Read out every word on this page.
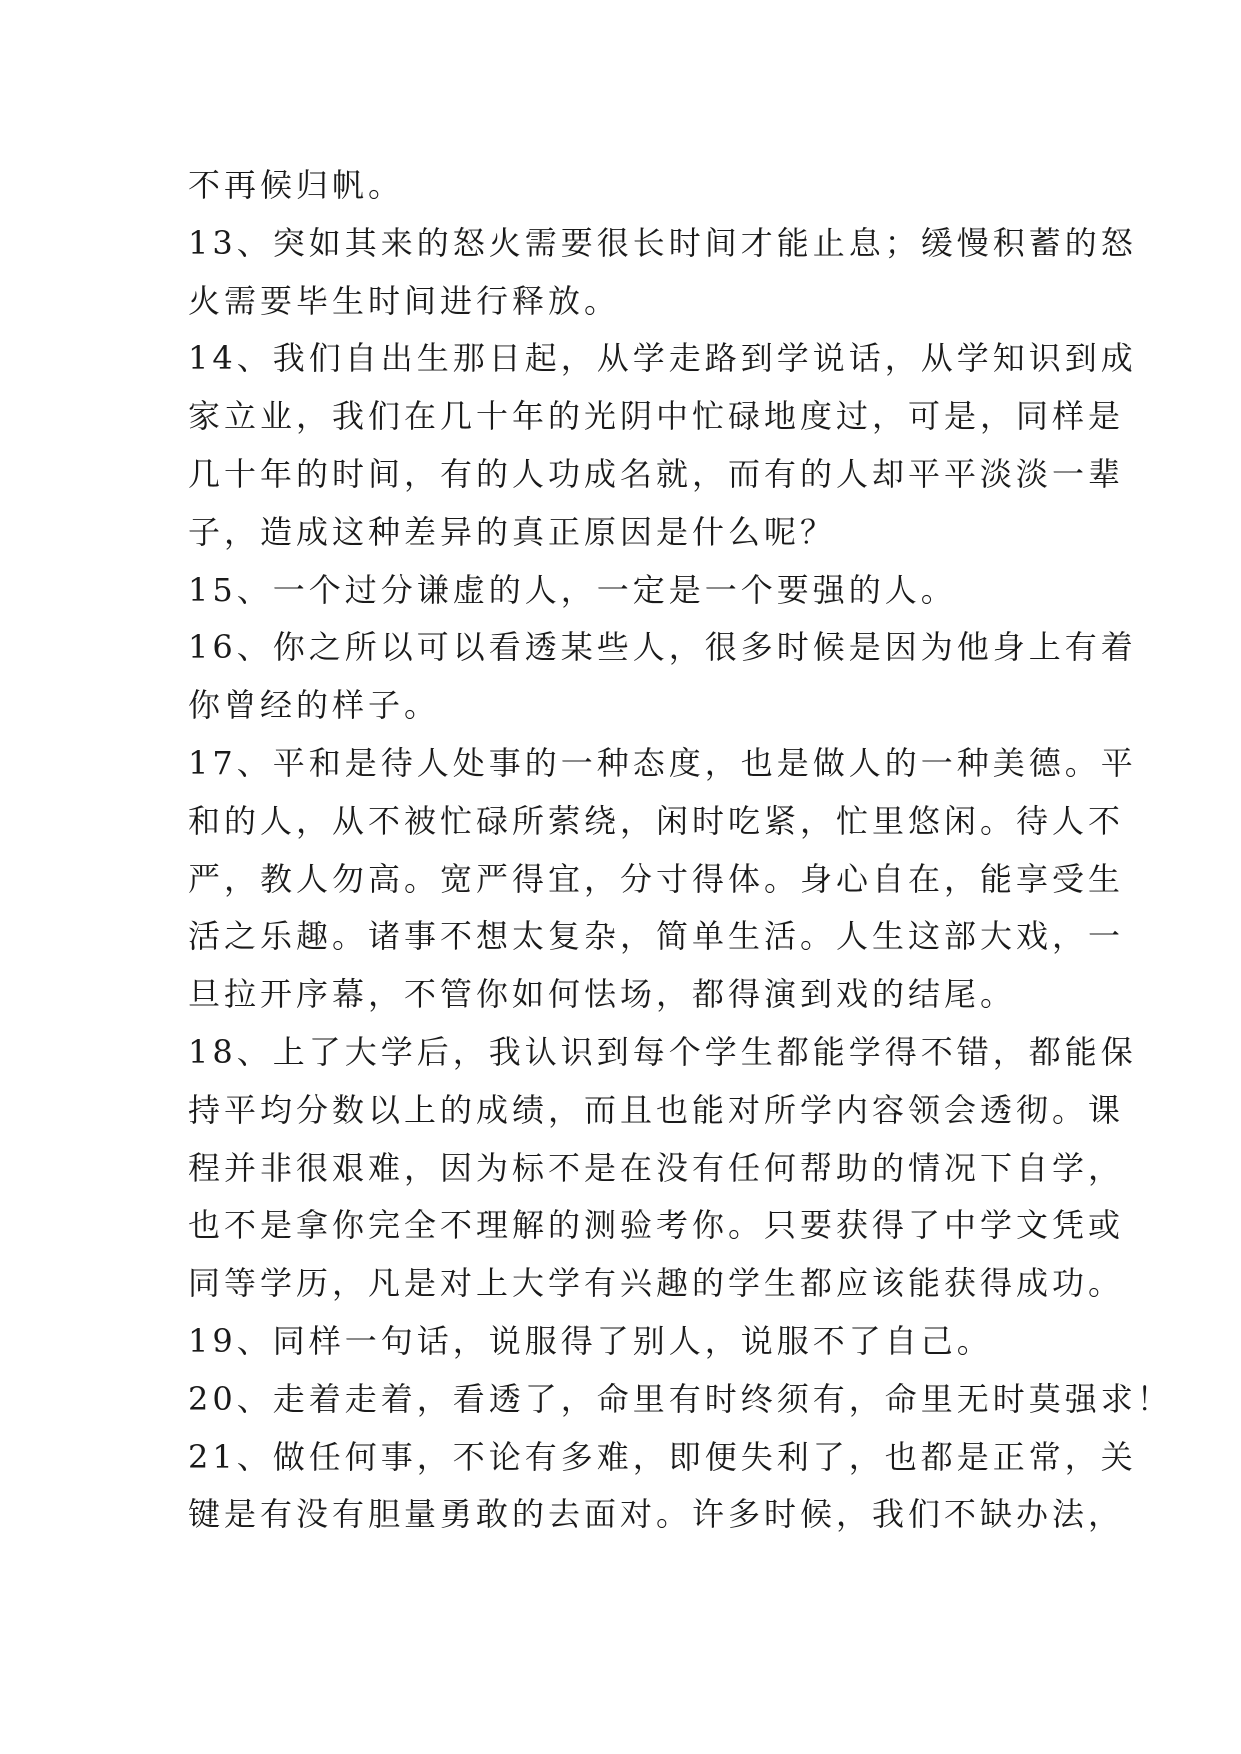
不再候归帆。
13、突如其来的怒火需要很长时间才能止息；缓慢积蓄的怒
火需要毕生时间进行释放。
14、我们自出生那日起，从学走路到学说话，从学知识到成
家立业，我们在几十年的光阴中忙碌地度过，可是，同样是
几十年的时间，有的人功成名就，而有的人却平平淡淡一辈
子，造成这种差异的真正原因是什么呢？
15、一个过分谦虚的人，一定是一个要强的人。
16、你之所以可以看透某些人，很多时候是因为他身上有着
你曾经的样子。
17、平和是待人处事的一种态度，也是做人的一种美德。平
和的人，从不被忙碌所萦绕，闲时吃紧，忙里悠闲。待人不
严，教人勿高。宽严得宜，分寸得体。身心自在，能享受生
活之乐趣。诸事不想太复杂，简单生活。人生这部大戏，一
旦拉开序幕，不管你如何怯场，都得演到戏的结尾。
18、上了大学后，我认识到每个学生都能学得不错，都能保
持平均分数以上的成绩，而且也能对所学内容领会透彻。课
程并非很艰难，因为标不是在没有任何帮助的情况下自学，
也不是拿你完全不理解的测验考你。只要获得了中学文凭或
同等学历，凡是对上大学有兴趣的学生都应该能获得成功。
19、同样一句话，说服得了别人，说服不了自己。
20、走着走着，看透了，命里有时终须有，命里无时莫强求！
21、做任何事，不论有多难，即便失利了，也都是正常，关
键是有没有胆量勇敢的去面对。许多时候，我们不缺办法，
